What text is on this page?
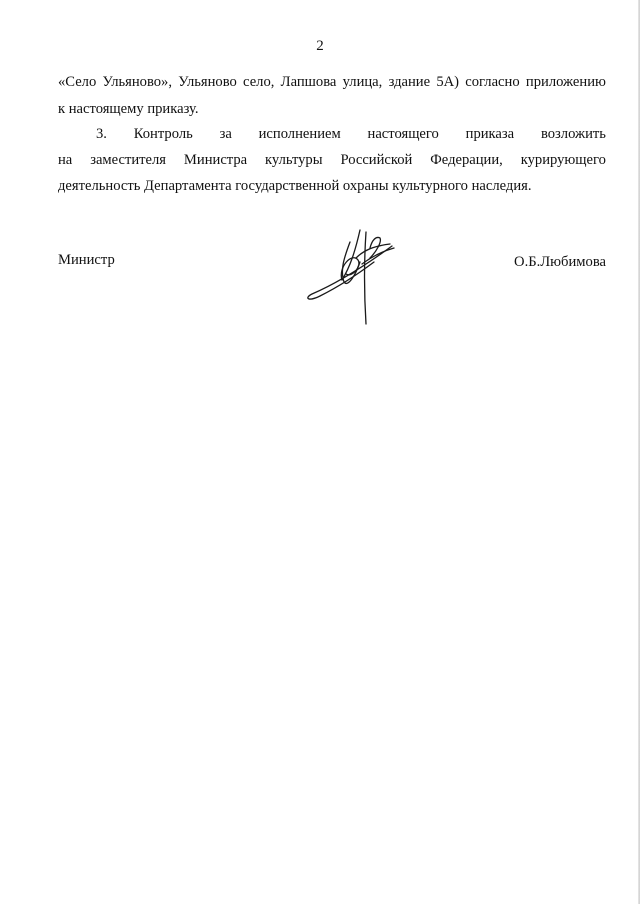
2
«Село Ульяново», Ульяново село, Лапшова улица, здание 5А) согласно приложению
к настоящему приказу.
3. Контроль за исполнением настоящего приказа возложить
на заместителя Министра культуры Российской Федерации, курирующего
деятельность Департамента государственной охраны культурного наследия.
Министр	О.Б.Любимова
